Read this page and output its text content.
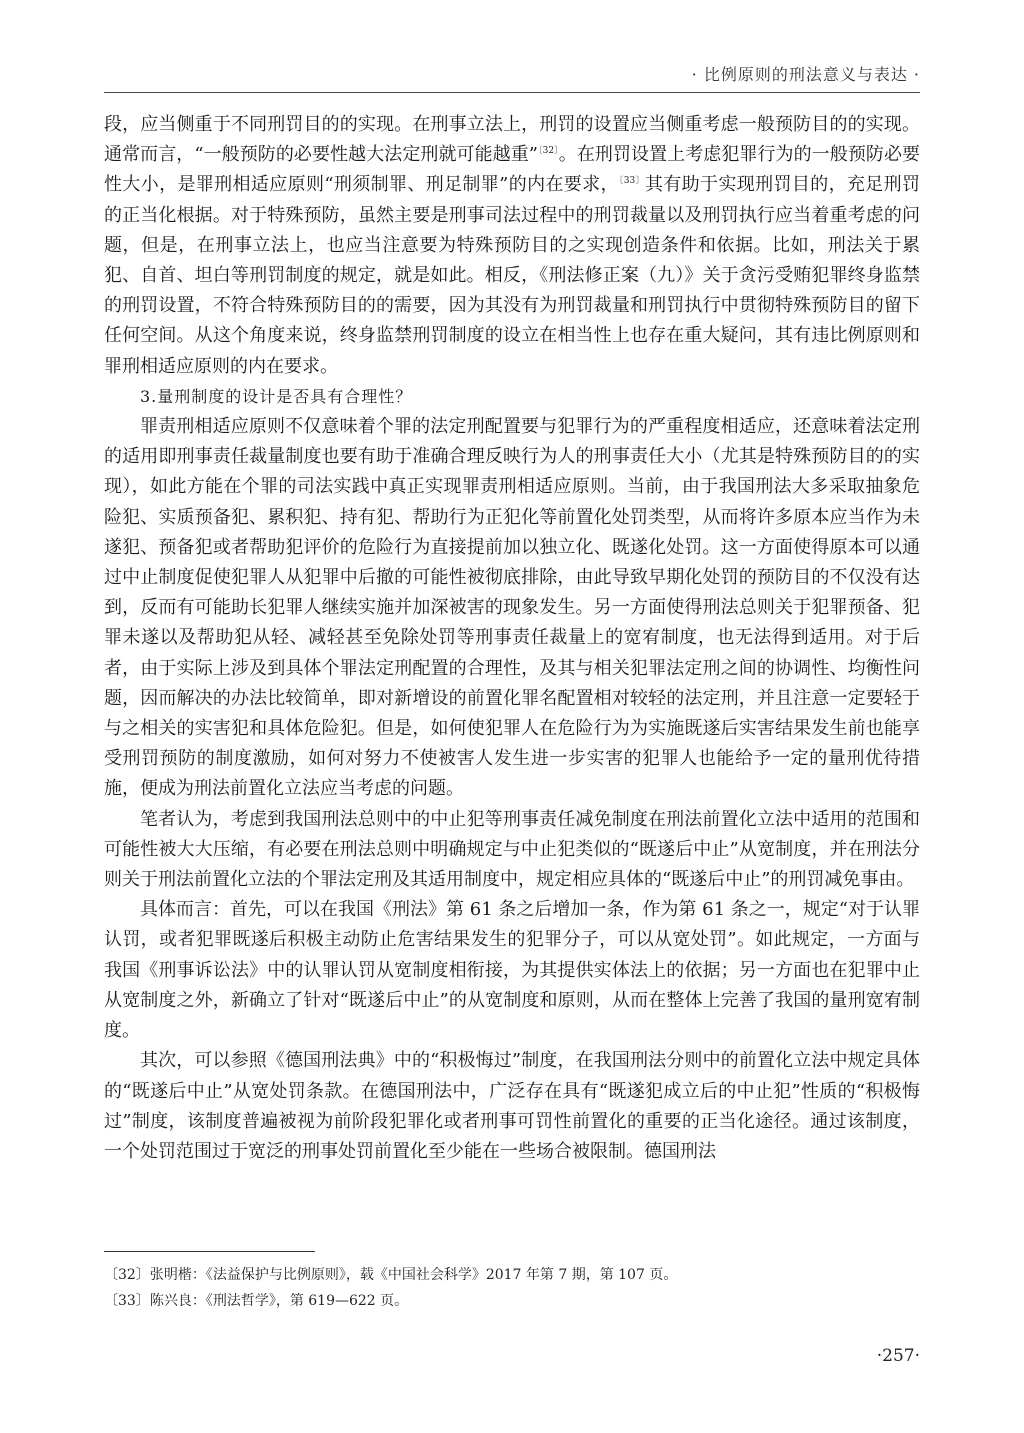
· 比例原则的刑法意义与表达 ·

段，应当侧重于不同刑罚目的的实现。在刑事立法上，刑罚的设置应当侧重考虑一般预防目的的实现。通常而言，“一般预防的必要性越大法定刑就可能越重”$^{〔32〕}$。在刑罚设置上考虑犯罪行为的一般预防必要性大小，是罪刑相适应原则“刑须制罪、刑足制罪”的内在要求，$^{〔33〕}$其有助于实现刑罚目的，充足刑罚的正当化根据。对于特殊预防，虽然主要是刑事司法过程中的刑罚裁量以及刑罚执行应当着重考虑的问题，但是，在刑事立法上，也应当注意要为特殊预防目的之实现创造条件和依据。比如，刑法关于累犯、自首、坦白等刑罚制度的规定，就是如此。相反，《刑法修正案（九）》关于贪污受贿犯罪终身监禁的刑罚设置，不符合特殊预防目的的需要，因为其没有为刑罚裁量和刑罚执行中贯彻特殊预防目的留下任何空间。从这个角度来说，终身监禁刑罚制度的设立在相当性上也存在重大疑问，其有违比例原则和罪刑相适应原则的内在要求。

3.量刑制度的设计是否具有合理性？

罪责刑相适应原则不仅意味着个罪的法定刑配置要与犯罪行为的严重程度相适应，还意味着法定刑的适用即刑事责任裁量制度也要有助于准确合理反映行为人的刑事责任大小（尤其是特殊预防目的的实现），如此方能在个罪的司法实践中真正实现罪责刑相适应原则。当前，由于我国刑法大多采取抽象危险犯、实质预备犯、累积犯、持有犯、帮助行为正犯化等前置化处罚类型，从而将许多原本应当作为未遂犯、预备犯或者帮助犯评价的危险行为直接提前加以独立化、既遂化处罚。这一方面使得原本可以通过中止制度促使犯罪人从犯罪中后撤的可能性被彻底排除，由此导致早期化处罚的预防目的不仅没有达到，反而有可能助长犯罪人继续实施并加深被害的现象发生。另一方面使得刑法总则关于犯罪预备、犯罪未遂以及帮助犯从轻、减轻甚至免除处罚等刑事责任裁量上的宽宥制度，也无法得到适用。对于后者，由于实际上涉及到具体个罪法定刑配置的合理性，及其与相关犯罪法定刑之间的协调性、均衡性问题，因而解决的办法比较简单，即对新增设的前置化罪名配置相对较轻的法定刑，并且注意一定要轻于与之相关的实害犯和具体危险犯。但是，如何使犯罪人在危险行为为实施既遂后实害结果发生前也能享受刑罚预防的制度激励，如何对努力不使被害人发生进一步实害的犯罪人也能给予一定的量刑优待措施，便成为刑法前置化立法应当考虑的问题。

笔者认为，考虑到我国刑法总则中的中止犯等刑事责任减免制度在刑法前置化立法中适用的范围和可能性被大大压缩，有必要在刑法总则中明确规定与中止犯类似的“既遂后中止”从宽制度，并在刑法分则关于刑法前置化立法的个罪法定刑及其适用制度中，规定相应具体的“既遂后中止”的刑罚减免事由。

具体而言：首先，可以在我国《刑法》第 61 条之后增加一条，作为第 61 条之一，规定“对于认罪认罚，或者犯罪既遂后积极主动防止危害结果发生的犯罪分子，可以从宽处罚”。如此规定，一方面与我国《刑事诉讼法》中的认罪认罚从宽制度相衔接，为其提供实体法上的依据；另一方面也在犯罪中止从宽制度之外，新确立了针对“既遂后中止”的从宽制度和原则，从而在整体上完善了我国的量刑宽宥制度。

其次，可以参照《德国刑法典》中的“积极悔过”制度，在我国刑法分则中的前置化立法中规定具体的“既遂后中止”从宽处罚条款。在德国刑法中，广泛存在具有“既遂犯成立后的中止犯”性质的“积极悔过”制度，该制度普遍被视为前阶段犯罪化或者刑事可罚性前置化的重要的正当化途径。通过该制度，一个处罚范围过于宽泛的刑事处罚前置化至少能在一些场合被限制。德国刑法

〔32〕张明楷：《法益保护与比例原则》，载《中国社会科学》2017 年第 7 期，第 107 页。
〔33〕陈兴良：《刑法哲学》，第 619—622 页。
·257·
